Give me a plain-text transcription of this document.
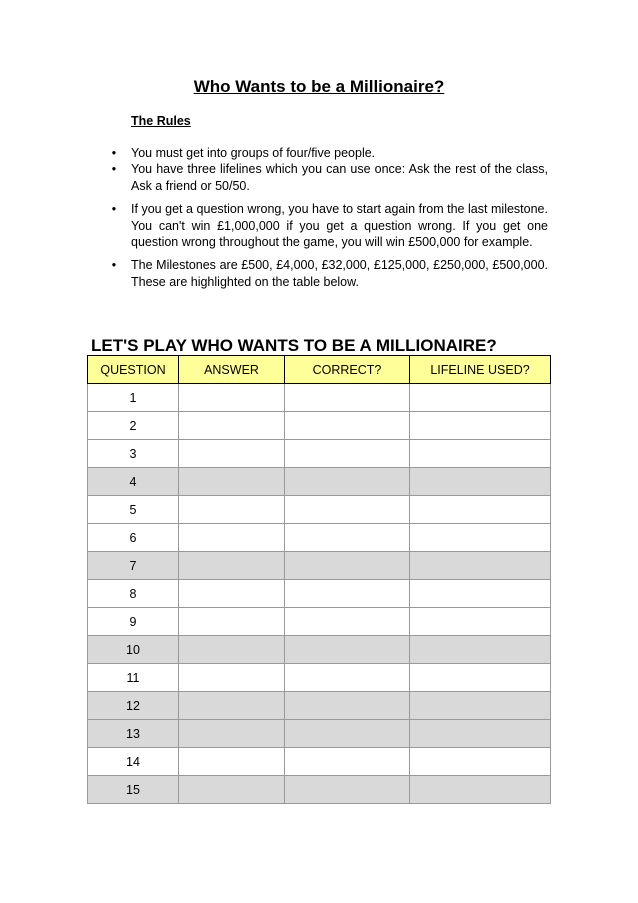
Who Wants to be a Millionaire?
The Rules
•	You must get into groups of four/five people.
•	You have three lifelines which you can use once: Ask the rest of the class, Ask a friend or 50/50.
•	If you get a question wrong, you have to start again from the last milestone. You can't win £1,000,000 if you get a question wrong. If you get one question wrong throughout the game, you will win £500,000 for example.
•	The Milestones are £500, £4,000, £32,000, £125,000, £250,000, £500,000. These are highlighted on the table below.
LET'S PLAY WHO WANTS TO BE A MILLIONAIRE?
QUESTION	ANSWER	CORRECT?	LIFELINE USED?
1			
2			
3			
4			
5			
6			
7			
8			
9			
10			
11			
12			
13			
14			
15			
